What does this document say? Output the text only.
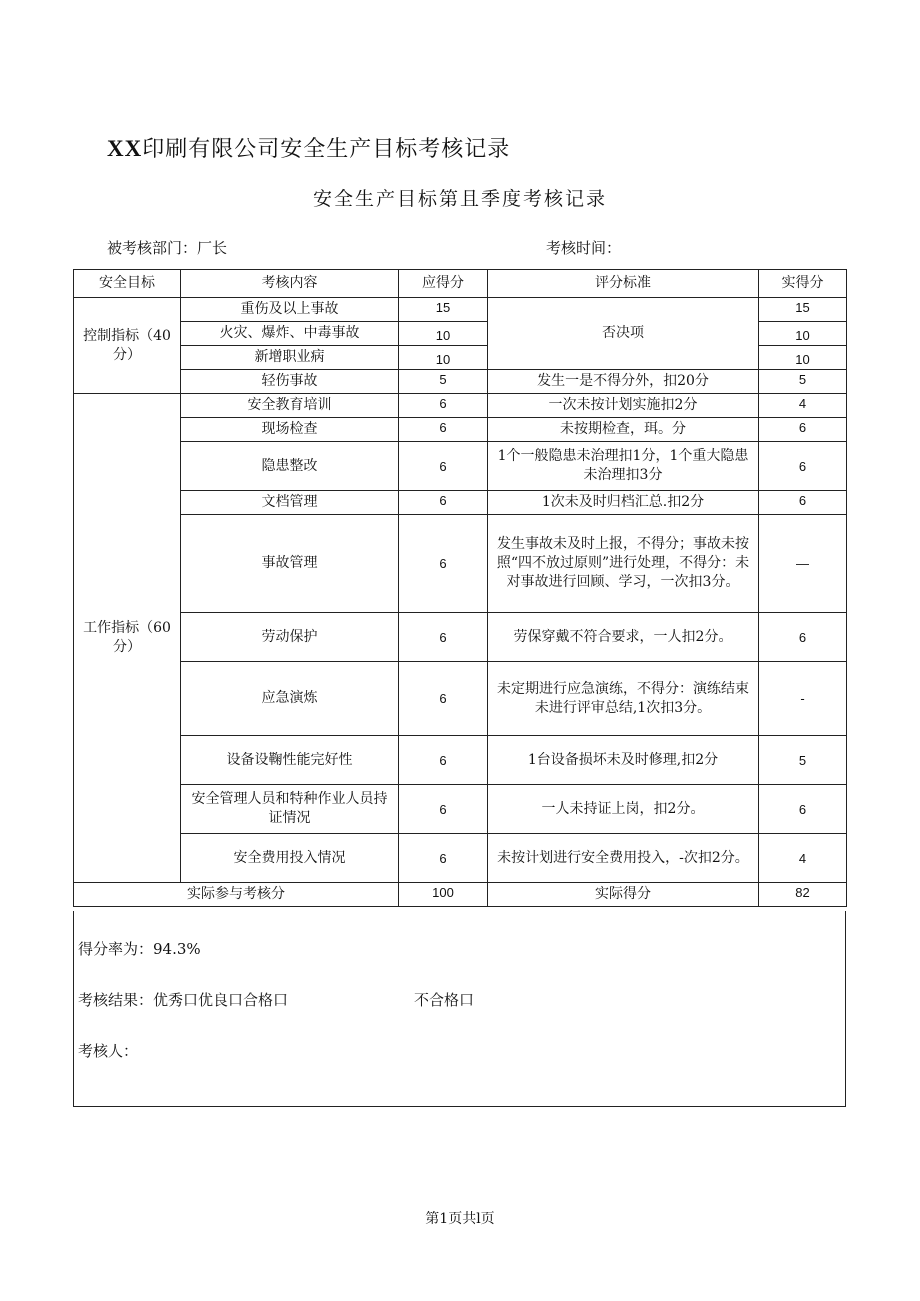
XX印刷有限公司安全生产目标考核记录
安全生产目标第且季度考核记录
被考核部门：厂长	考核时间：
安全目标	考核内容	应得分	评分标准	实得分
控制指标（40分）	重伤及以上事故	15	否决项	15
	火灾、爆炸、中毒事故	10		10
	新增职业病	10		10
	轻伤事故	5	发生一是不得分外，扣20分	5
工作指标（60分）	安全教育培训	6	一次未按计划实施扣2分	4
	现场检查	6	未按期检查，珥。分	6
	隐患整改	6	1个一般隐患未治理扣1分，1个重大隐患未治理扣3分	6
	文档管理	6	1次未及时归档汇总.扣2分	6
	事故管理	6	发生事故未及时上报，不得分；事故未按照“四不放过原则”进行处理，不得分：未对事故进行回顾、学习，一次扣3分。	—
	劳动保护	6	劳保穿戴不符合要求，一人扣2分。	6
	应急演炼	6	未定期进行应急演练，不得分：演练结束未进行评审总结,1次扣3分。	-
	设备设鞠性能完好性	6	1台设备损坏未及时修理,扣2分	5
	安全管理人员和特种作业人员持证情况	6	一人未持证上岗，扣2分。	6
	安全费用投入情况	6	未按计划进行安全费用投入，-次扣2分。	4
实际参与考核分		100	实际得分	82
得分率为：94.3%
考核结果：优秀口优良口合格口	不合格口
考核人：
第1页共l页
